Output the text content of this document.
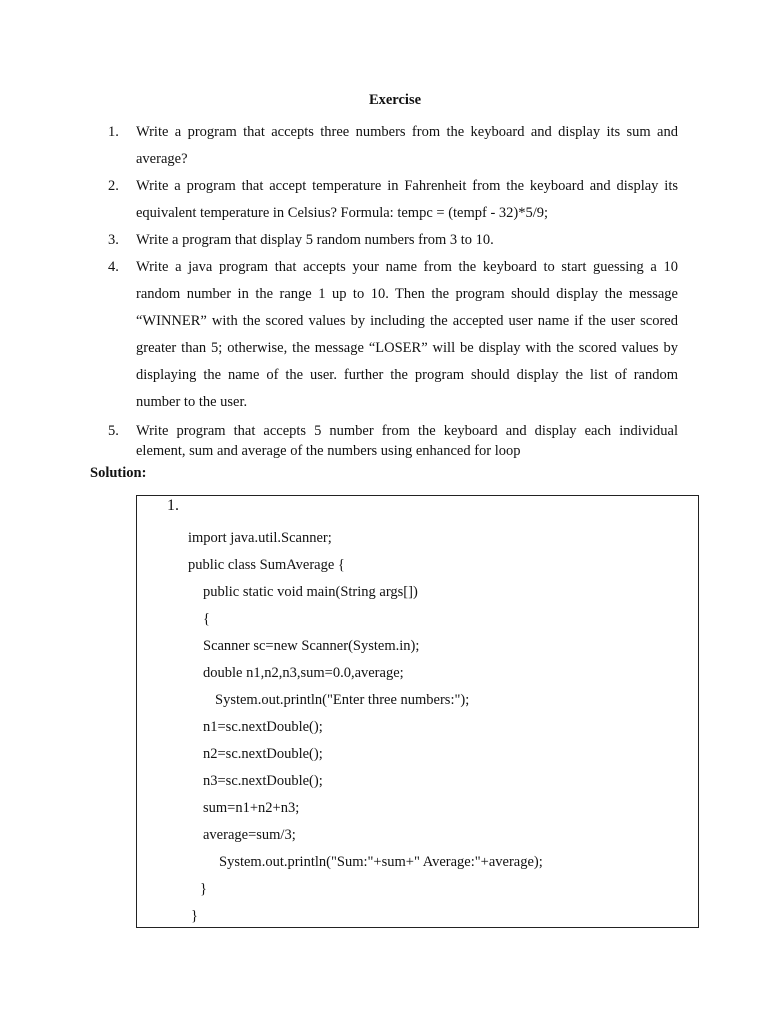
Exercise
1.	Write a program that accepts three numbers from the keyboard and display its sum and average?
2.	Write a program that accept temperature in Fahrenheit from the keyboard and display its equivalent temperature in Celsius? Formula: tempc = (tempf - 32)*5/9;
3.	Write a program that display 5 random numbers from 3 to 10.
4.	Write a java program that accepts your name from the keyboard to start guessing a 10 random number in the range 1 up to 10. Then the program should display the message “WINNER” with the scored values by including the accepted user name if the user scored greater than 5; otherwise, the message “LOSER” will be display with the scored values by displaying the name of the user. further the program should display the list of random number to the user.
5.	Write program that accepts 5 number from the keyboard and display each individual element, sum and average of the numbers using enhanced for loop
Solution:
1.
import java.util.Scanner;
public class SumAverage {
public static void main(String args[])
{
Scanner sc=new Scanner(System.in);
double n1,n2,n3,sum=0.0,average;
System.out.println("Enter three numbers:");
n1=sc.nextDouble();
n2=sc.nextDouble();
n3=sc.nextDouble();
sum=n1+n2+n3;
average=sum/3;
System.out.println("Sum:"+sum+" Average:"+average);
}
}
